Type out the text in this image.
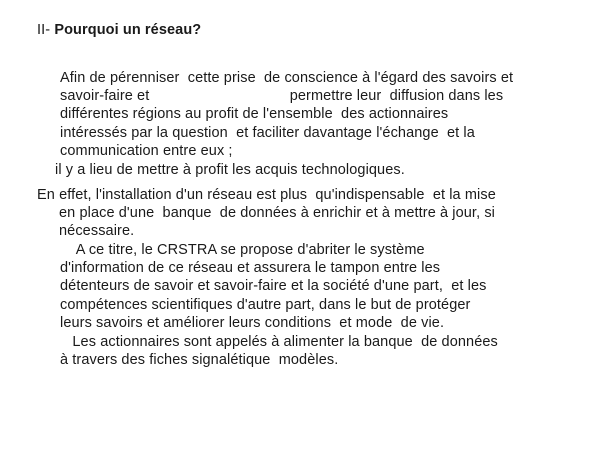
II- Pourquoi un réseau?
Afin de pérenniser  cette prise  de conscience à l'égard des savoirs et
savoir-faire et                                  permettre leur  diffusion dans les
différentes régions au profit de l'ensemble  des actionnaires
intéressés par la question  et faciliter davantage l'échange  et la
communication entre eux ;
il y a lieu de mettre à profit les acquis technologiques.
En effet, l'installation d'un réseau est plus  qu'indispensable  et la mise
en place d'une  banque  de données à enrichir et à mettre à jour, si
nécessaire.
A ce titre, le CRSTRA se propose d'abriter le système
d'information de ce réseau et assurera le tampon entre les
détenteurs de savoir et savoir-faire et la société d'une part,  et les
compétences scientifiques d'autre part, dans le but de protéger
leurs savoirs et améliorer leurs conditions  et mode  de vie.
Les actionnaires sont appelés à alimenter la banque  de données
à travers des fiches signalétique  modèles.
